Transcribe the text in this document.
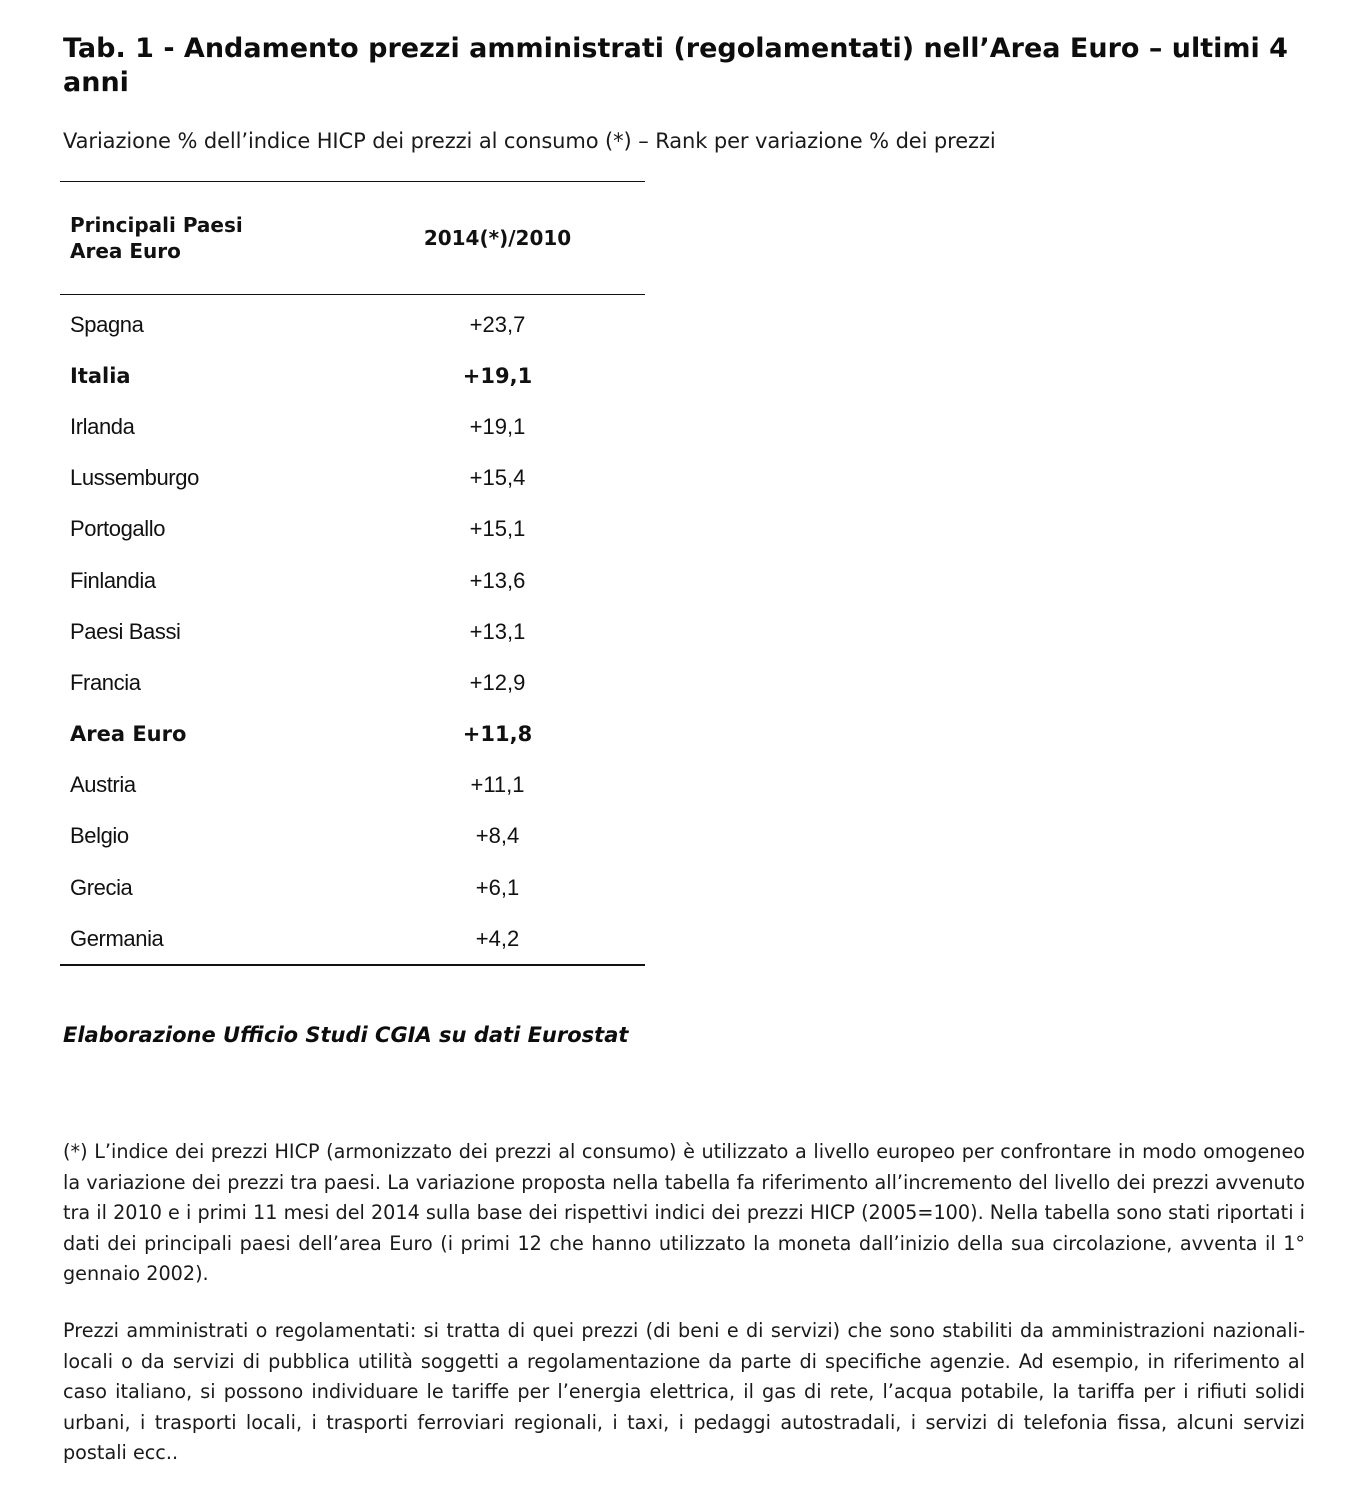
Tab. 1 - Andamento prezzi amministrati (regolamentati) nell’Area Euro – ultimi 4 anni

Variazione % dell’indice HICP dei prezzi al consumo (*) – Rank per variazione % dei prezzi

Principali Paesi Area Euro	2014(*)/2010
Spagna	+23,7
Italia	+19,1
Irlanda	+19,1
Lussemburgo	+15,4
Portogallo	+15,1
Finlandia	+13,6
Paesi Bassi	+13,1
Francia	+12,9
Area Euro	+11,8
Austria	+11,1
Belgio	+8,4
Grecia	+6,1
Germania	+4,2

Elaborazione Ufficio Studi CGIA su dati Eurostat

(*) L’indice dei prezzi HICP (armonizzato dei prezzi al consumo) è utilizzato a livello europeo per confrontare in modo omogeneo la variazione dei prezzi tra paesi. La variazione proposta nella tabella fa riferimento all’incremento del livello dei prezzi avvenuto tra il 2010 e i primi 11 mesi del 2014 sulla base dei rispettivi indici dei prezzi HICP (2005=100). Nella tabella sono stati riportati i dati dei principali paesi dell’area Euro (i primi 12 che hanno utilizzato la moneta dall’inizio della sua circolazione, avventa il 1° gennaio 2002).

Prezzi amministrati o regolamentati: si tratta di quei prezzi (di beni e di servizi) che sono stabiliti da amministrazioni nazionali-locali o da servizi di pubblica utilità soggetti a regolamentazione da parte di specifiche agenzie. Ad esempio, in riferimento al caso italiano, si possono individuare le tariffe per l’energia elettrica, il gas di rete, l’acqua potabile, la tariffa per i rifiuti solidi urbani, i trasporti locali, i trasporti ferroviari regionali, i taxi, i pedaggi autostradali, i servizi di telefonia fissa, alcuni servizi postali ecc..
